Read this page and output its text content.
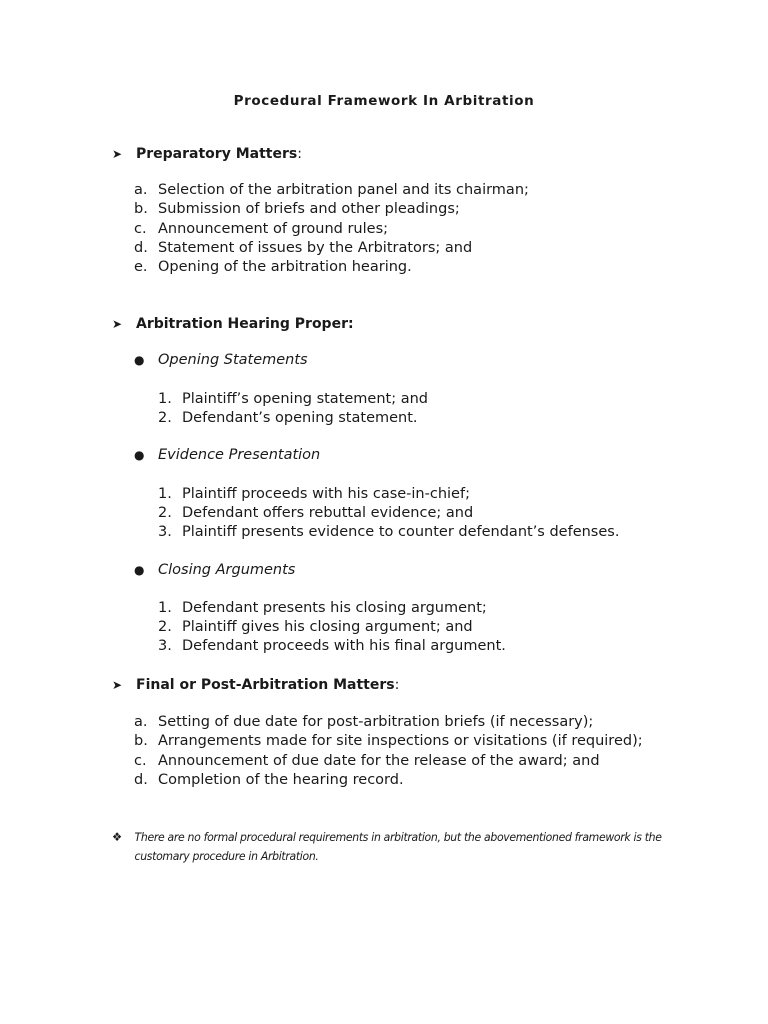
Procedural Framework In Arbitration
➤ Preparatory Matters :
a. Selection of the arbitration panel and its chairman;
b. Submission of briefs and other pleadings;
c. Announcement of ground rules;
d. Statement of issues by the Arbitrators; and
e. Opening of the arbitration hearing.
➤ Arbitration Hearing Proper:
● Opening Statements
1. Plaintiff’s opening statement; and
2. Defendant’s opening statement.
● Evidence Presentation
1. Plaintiff proceeds with his case-in-chief;
2. Defendant offers rebuttal evidence; and
3. Plaintiff presents evidence to counter defendant’s defenses.
● Closing Arguments
1. Defendant presents his closing argument;
2. Plaintiff gives his closing argument; and
3. Defendant proceeds with his final argument.
➤ Final or Post-Arbitration Matters :
a. Setting of due date for post-arbitration briefs (if necessary);
b. Arrangements made for site inspections or visitations (if required);
c. Announcement of due date for the release of the award; and
d. Completion of the hearing record.
❖ There are no formal procedural requirements in arbitration, but the abovementioned framework is the customary procedure in Arbitration.
